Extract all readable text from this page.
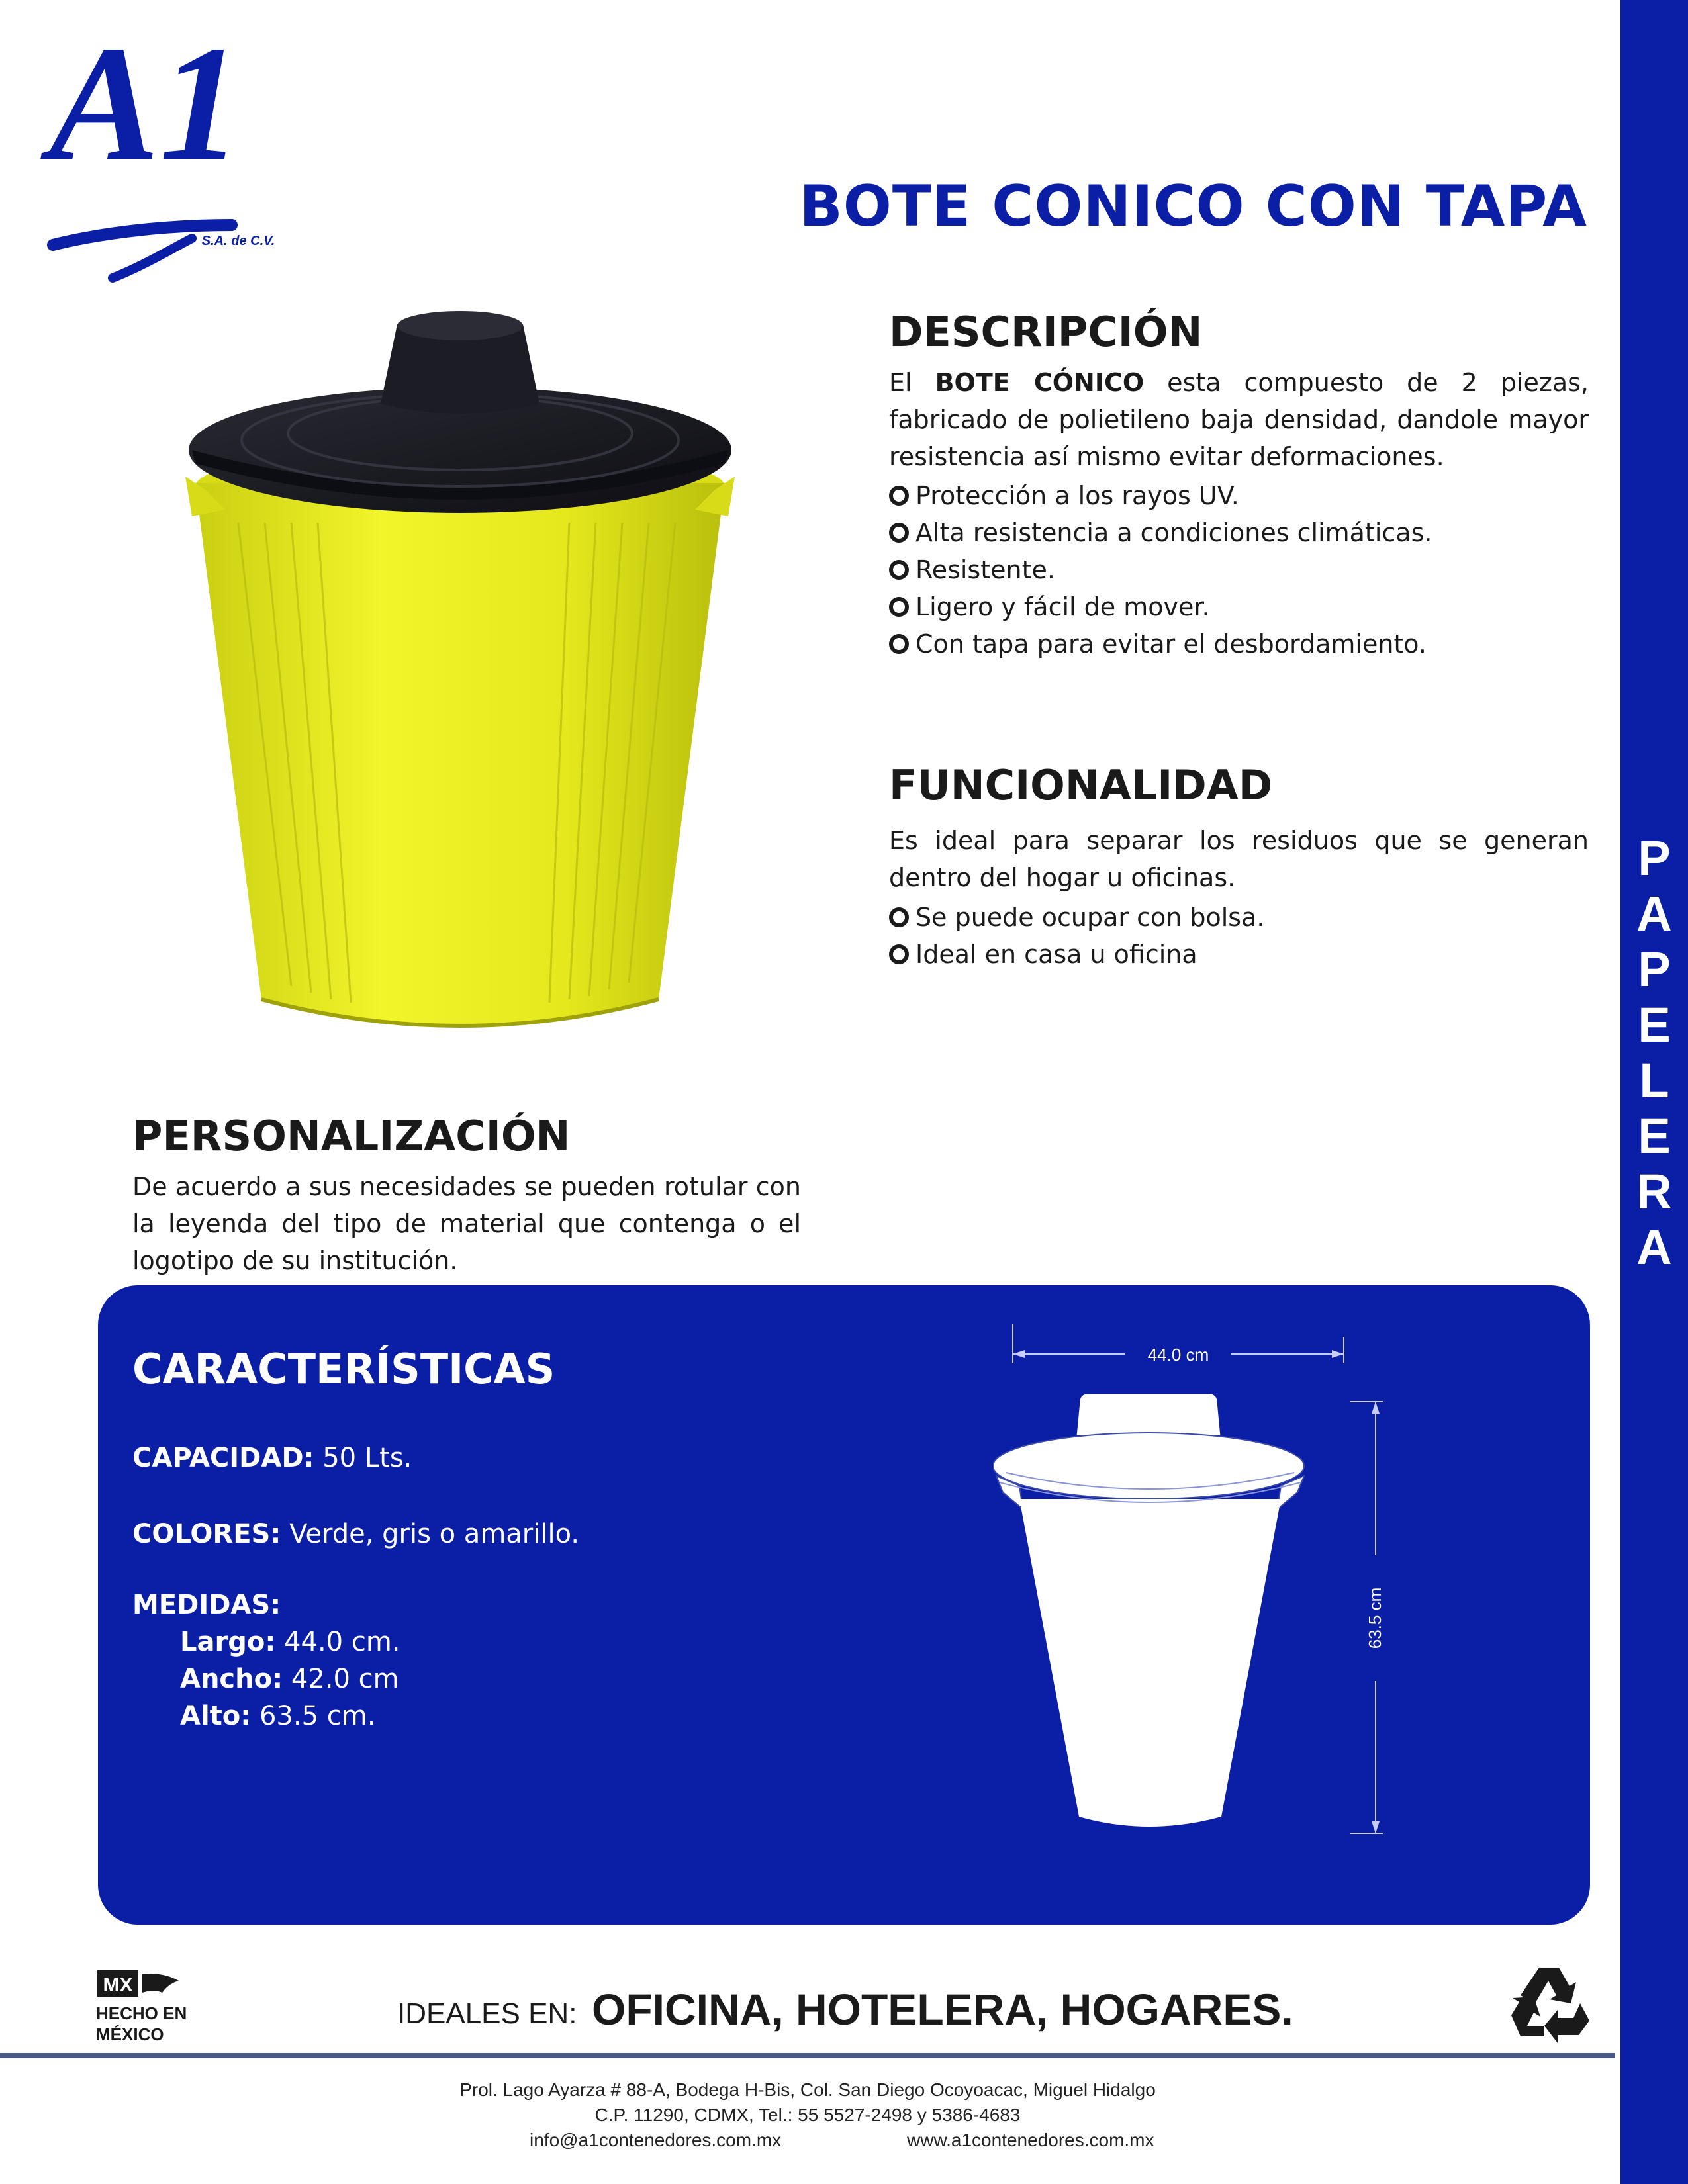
P
A
P
E
L
E
R
A
A1
S.A. de C.V.
BOTE CONICO CON TAPA
DESCRIPCIÓN
El BOTE CÓNICO esta compuesto de 2 piezas, fabricado de polietileno baja densidad, dandole mayor resistencia así mismo evitar deformaciones.
Protección a los rayos UV.
Alta resistencia a condiciones climáticas.
Resistente.
Ligero y fácil de mover.
Con tapa para evitar el desbordamiento.
FUNCIONALIDAD
Es ideal para separar los residuos que se generan dentro del hogar u oficinas.
Se puede ocupar con bolsa.
Ideal en casa u oficina
PERSONALIZACIÓN
De acuerdo a sus necesidades se pueden rotular con la leyenda del tipo de material que contenga o el logotipo de su institución.
CARACTERÍSTICAS
CAPACIDAD: 50 Lts.
COLORES: Verde, gris o amarillo.
MEDIDAS:
Largo: 44.0 cm.
Ancho: 42.0 cm
Alto: 63.5 cm.
44.0 cm
63.5 cm
MX
HECHO EN
MÉXICO
IDEALES EN: OFICINA, HOTELERA, HOGARES.
Prol. Lago Ayarza # 88-A, Bodega H-Bis, Col. San Diego Ocoyoacac, Miguel Hidalgo
C.P. 11290, CDMX, Tel.: 55 5527-2498 y 5386-4683
info@a1contenedores.com.mx	www.a1contenedores.com.mx
